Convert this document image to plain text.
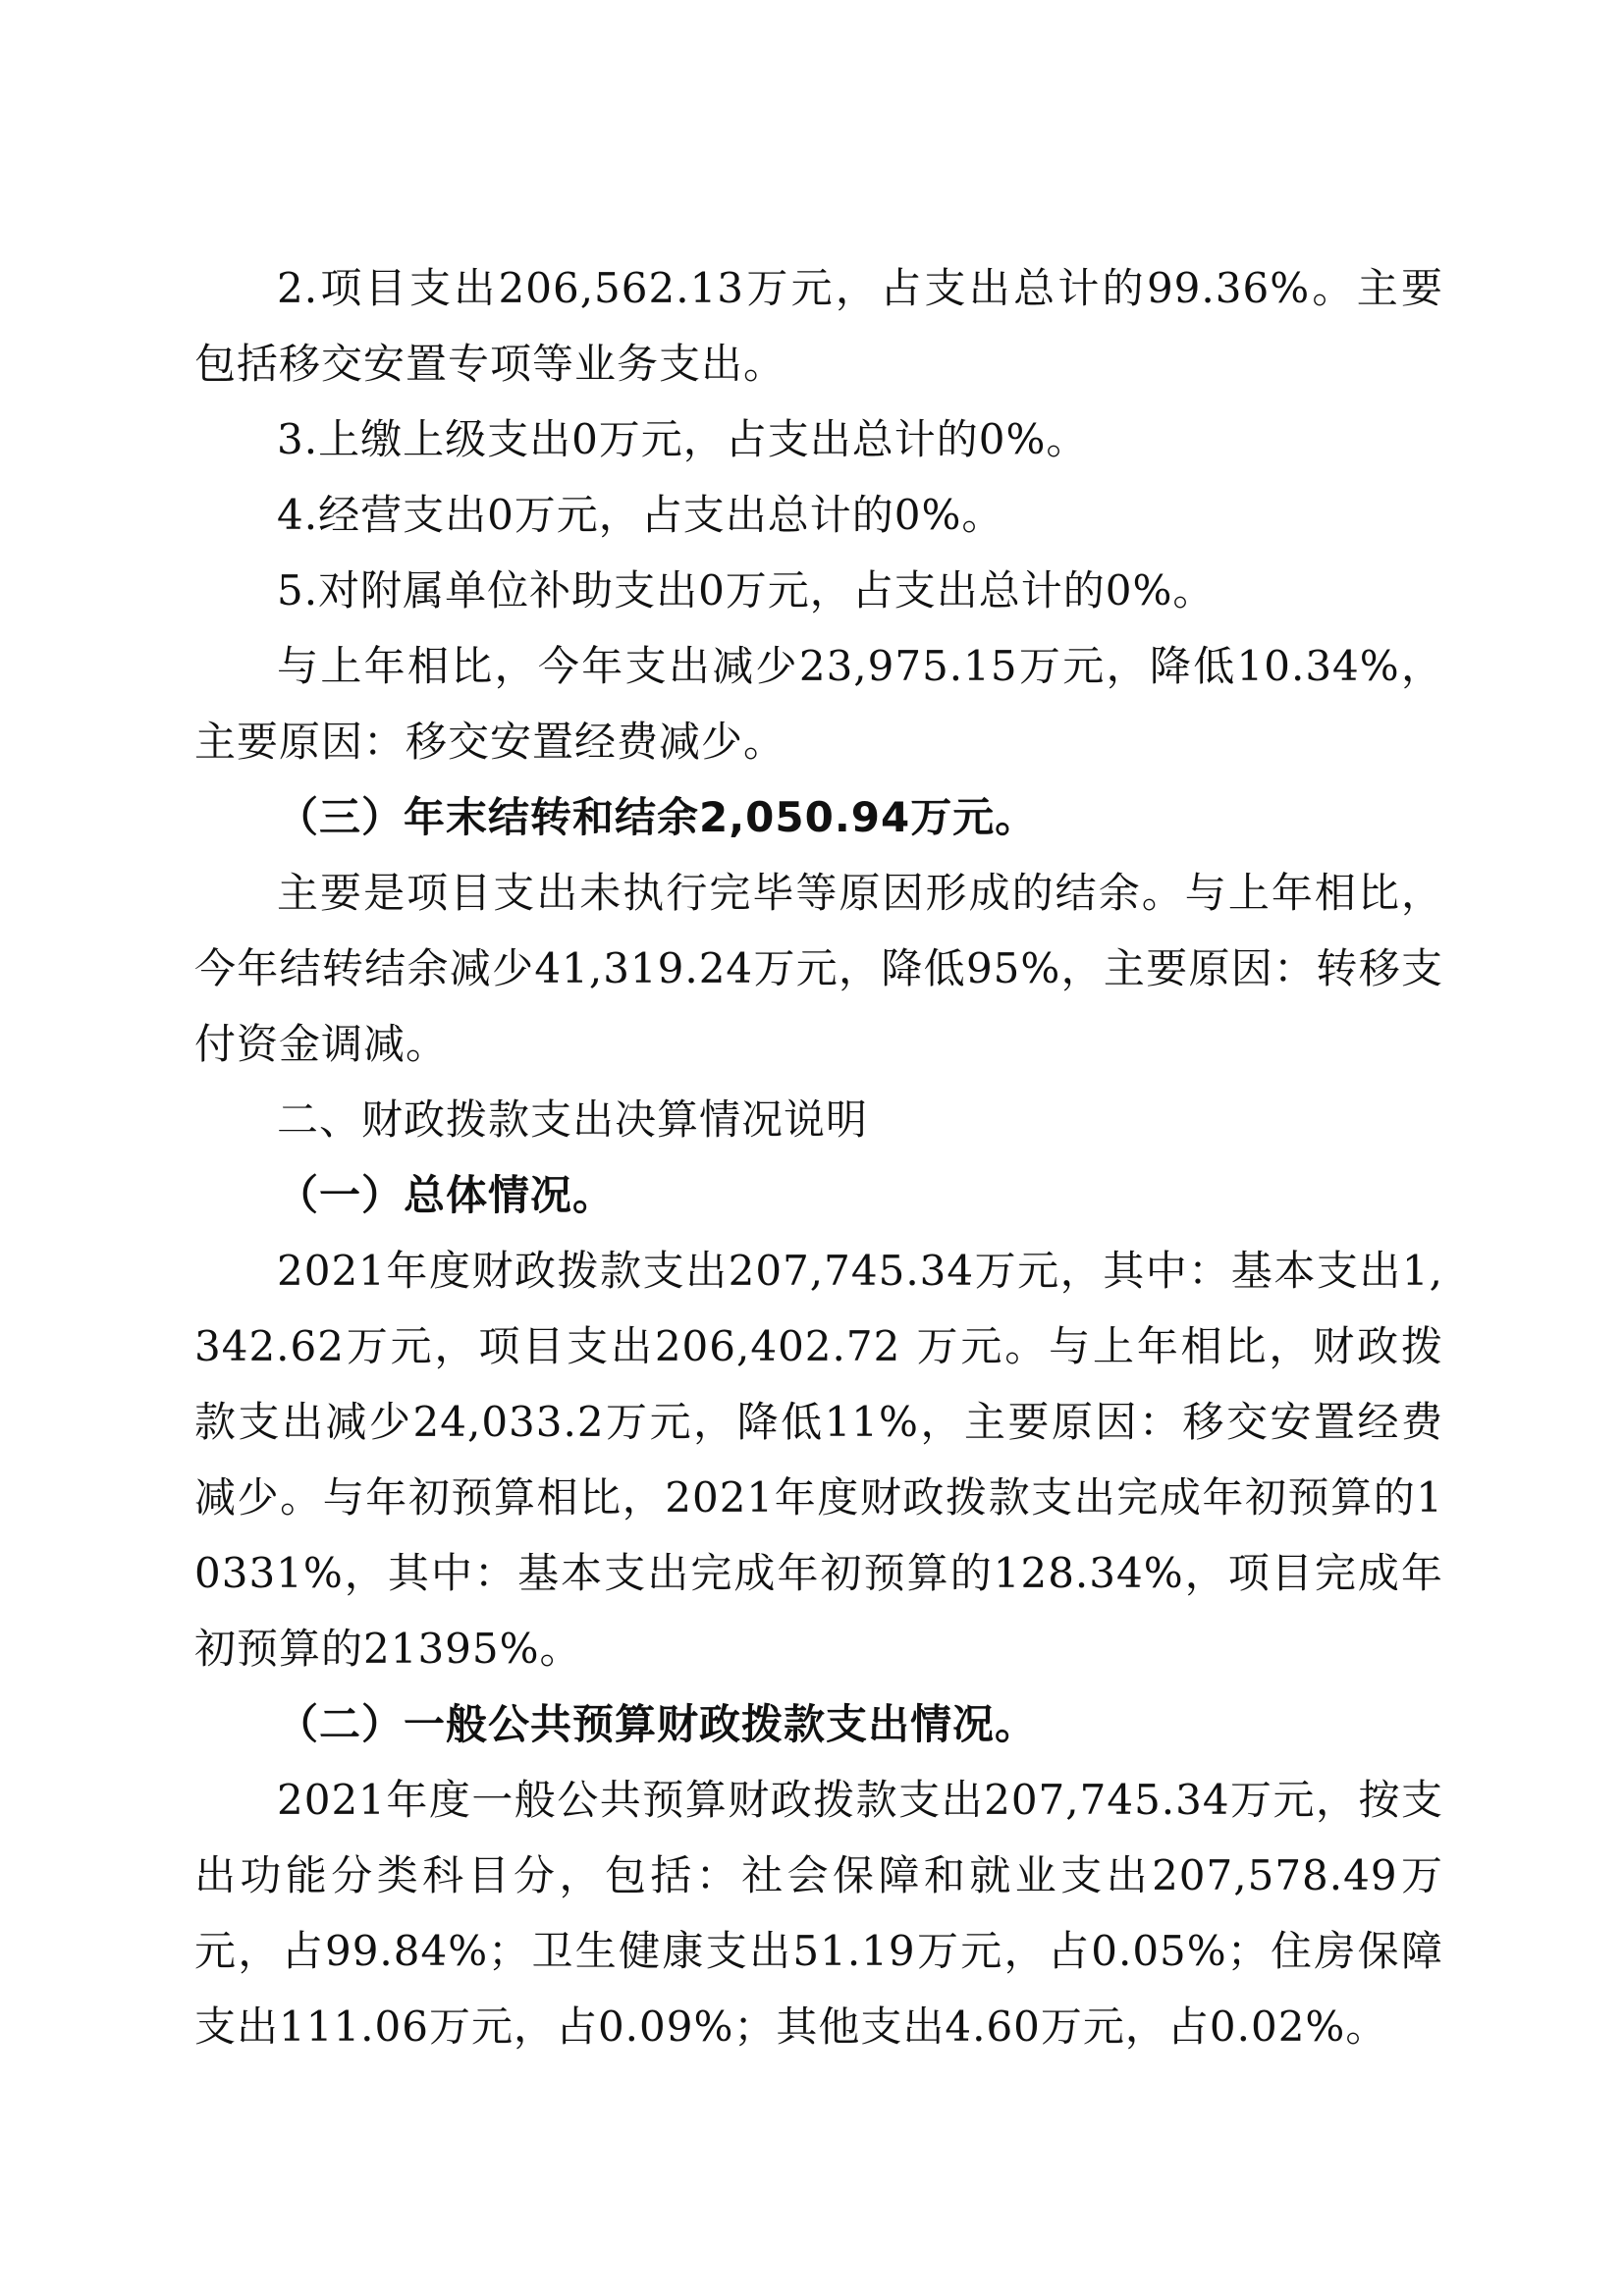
2.项目支出206,562.13万元，占支出总计的99.36%。主要包括移交安置专项等业务支出。

3.上缴上级支出0万元，占支出总计的0%。

4.经营支出0万元，占支出总计的0%。

5.对附属单位补助支出0万元，占支出总计的0%。

与上年相比，今年支出减少23,975.15万元，降低10.34%，主要原因：移交安置经费减少。

（三）年末结转和结余2,050.94万元。

主要是项目支出未执行完毕等原因形成的结余。与上年相比，今年结转结余减少41,319.24万元，降低95%，主要原因：转移支付资金调减。

二、财政拨款支出决算情况说明

（一）总体情况。

2021年度财政拨款支出207,745.34万元，其中：基本支出1,342.62万元，项目支出206,402.72 万元。与上年相比，财政拨款支出减少24,033.2万元，降低11%，主要原因：移交安置经费减少。与年初预算相比，2021年度财政拨款支出完成年初预算的10331%，其中：基本支出完成年初预算的128.34%，项目完成年初预算的21395%。

（二）一般公共预算财政拨款支出情况。

2021年度一般公共预算财政拨款支出207,745.34万元，按支出功能分类科目分，包括：社会保障和就业支出207,578.49万元，占99.84%；卫生健康支出51.19万元，占0.05%；住房保障支出111.06万元，占0.09%；其他支出4.60万元，占0.02%。
